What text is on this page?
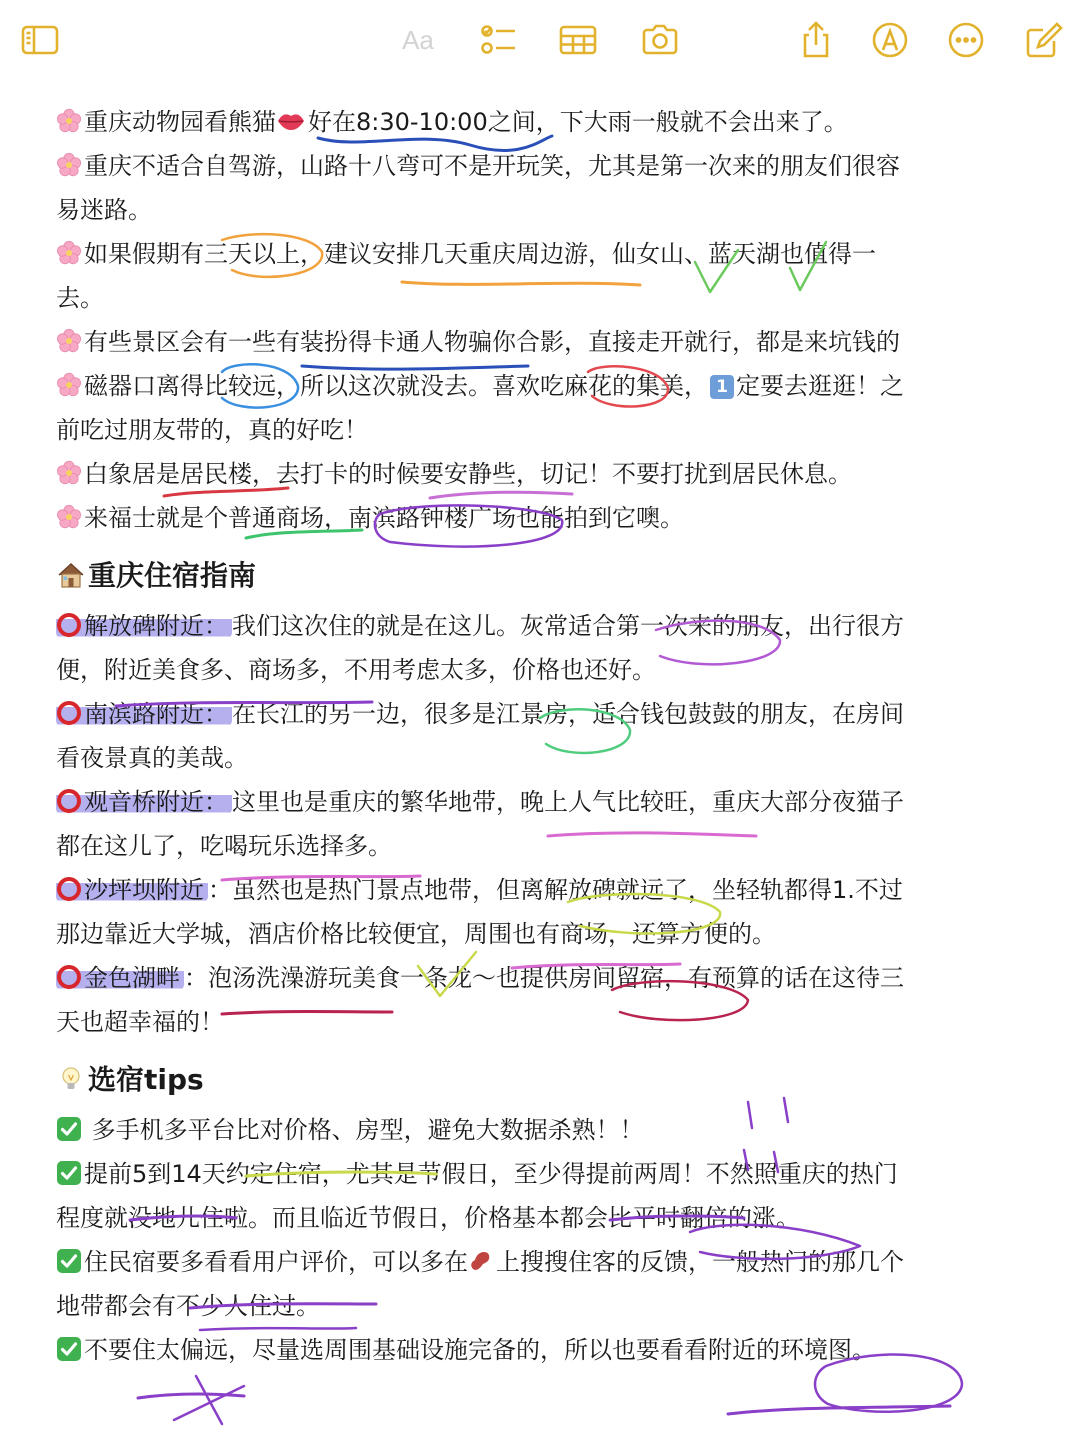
Aa
重庆动物园看熊猫 好在8:30-10:00之间，下大雨一般就不会出来了。
重庆不适合自驾游，山路十八弯可不是开玩笑，尤其是第一次来的朋友们很容
易迷路。
如果假期有三天以上，建议安排几天重庆周边游，仙女山、蓝天湖也值得一
去。
有些景区会有一些有装扮得卡通人物骗你合影，直接走开就行，都是来坑钱的
磁器口离得比较远，所以这次就没去。喜欢吃麻花的集美， 1 定要去逛逛！之
前吃过朋友带的，真的好吃！
白象居是居民楼，去打卡的时候要安静些，切记！不要打扰到居民休息。
来福士就是个普通商场，南滨路钟楼广场也能拍到它噢。
重庆住宿指南
解放碑附近： 我们这次住的就是在这儿。灰常适合第一次来的朋友，出行很方
便，附近美食多、商场多，不用考虑太多，价格也还好。
南滨路附近： 在长江的另一边，很多是江景房，适合钱包鼓鼓的朋友，在房间
看夜景真的美哉。
观音桥附近： 这里也是重庆的繁华地带，晚上人气比较旺，重庆大部分夜猫子
都在这儿了，吃喝玩乐选择多。
沙坪坝附近 ：虽然也是热门景点地带，但离解放碑就远了，坐轻轨都得1.不过
那边靠近大学城，酒店价格比较便宜，周围也有商场，还算方便的。
金色湖畔 ：泡汤洗澡游玩美食一条龙～也提供房间留宿，有预算的话在这待三
天也超幸福的！
选宿tips
多手机多平台比对价格、房型，避免大数据杀熟！！
提前5到14天约定住宿，尤其是节假日，至少得提前两周！不然照重庆的热门
程度就没地儿住啦。而且临近节假日，价格基本都会比平时翻倍的涨。
住民宿要多看看用户评价，可以多在 上搜搜住客的反馈，一般热门的那几个
地带都会有不少人住过。
不要住太偏远，尽量选周围基础设施完备的，所以也要看看附近的环境图。
